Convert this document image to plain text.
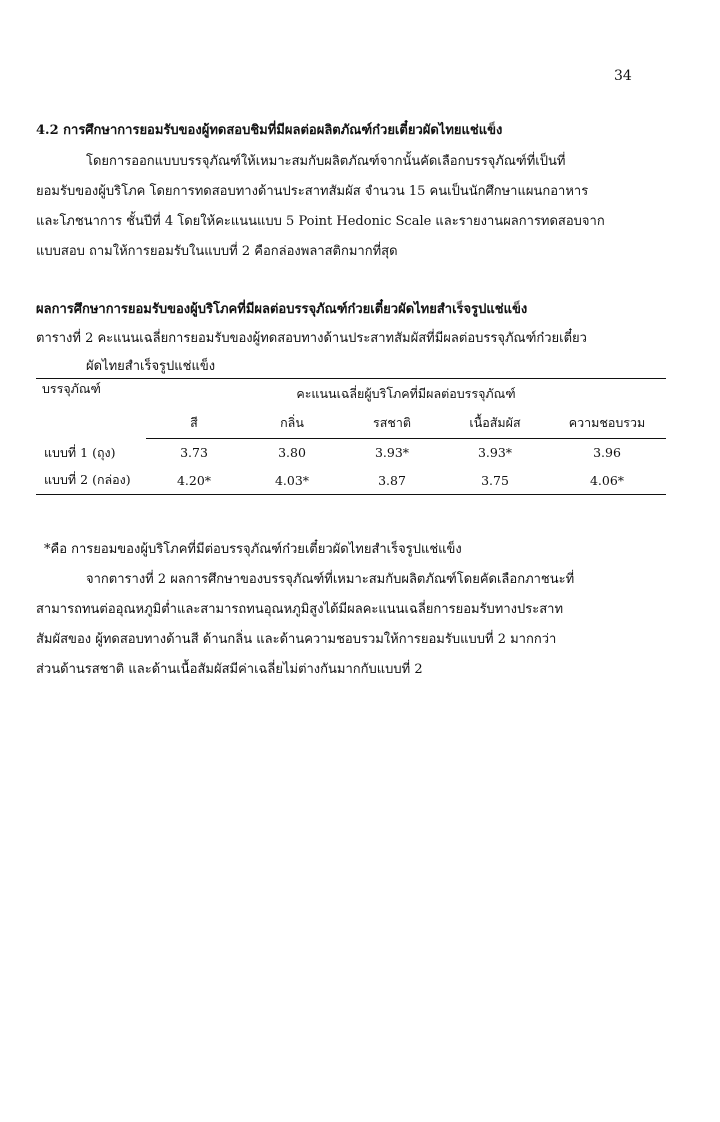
34
4.2 การศึกษาการยอมรับของผู้ทดสอบชิมที่มีผลต่อผลิตภัณฑ์ก๋วยเตี๋ยวผัดไทยแช่แข็ง
โดยการออกแบบบรรจุภัณฑ์ให้เหมาะสมกับผลิตภัณฑ์จากนั้นคัดเลือกบรรจุภัณฑ์ที่เป็นที่
ยอมรับของผู้บริโภค โดยการทดสอบทางด้านประสาทสัมผัส จำนวน 15 คนเป็นนักศึกษาแผนกอาหาร
และโภชนาการ ชั้นปีที่ 4 โดยให้คะแนนแบบ 5 Point Hedonic Scale และรายงานผลการทดสอบจาก
แบบสอบ ถามให้การยอมรับในแบบที่ 2 คือกล่องพลาสติกมากที่สุด
ผลการศึกษาการยอมรับของผู้บริโภคที่มีผลต่อบรรจุภัณฑ์ก๋วยเตี๋ยวผัดไทยสำเร็จรูปแช่แข็ง
ตารางที่ 2 คะแนนเฉลี่ยการยอมรับของผู้ทดสอบทางด้านประสาทสัมผัสที่มีผลต่อบรรจุภัณฑ์ก๋วยเตี๋ยว
ผัดไทยสำเร็จรูปแช่แข็ง
บรรจุภัณฑ์	คะแนนเฉลี่ยผู้บริโภคที่มีผลต่อบรรจุภัณฑ์				
	สี	กลิ่น	รสชาติ	เนื้อสัมผัส	ความชอบรวม
แบบที่ 1 (ถุง)	3.73	3.80	3.93*	3.93*	3.96
แบบที่ 2 (กล่อง)	4.20*	4.03*	3.87	3.75	4.06*
*คือ การยอมของผู้บริโภคที่มีต่อบรรจุภัณฑ์ก๋วยเตี๋ยวผัดไทยสำเร็จรูปแช่แข็ง
จากตารางที่ 2 ผลการศึกษาของบรรจุภัณฑ์ที่เหมาะสมกับผลิตภัณฑ์โดยคัดเลือกภาชนะที่
สามารถทนต่ออุณหภูมิต่ำและสามารถทนอุณหภูมิสูงได้มีผลคะแนนเฉลี่ยการยอมรับทางประสาท
สัมผัสของ ผู้ทดสอบทางด้านสี ด้านกลิ่น และด้านความชอบรวมให้การยอมรับแบบที่ 2 มากกว่า
ส่วนด้านรสชาติ และด้านเนื้อสัมผัสมีค่าเฉลี่ยไม่ต่างกันมากกับแบบที่ 2
